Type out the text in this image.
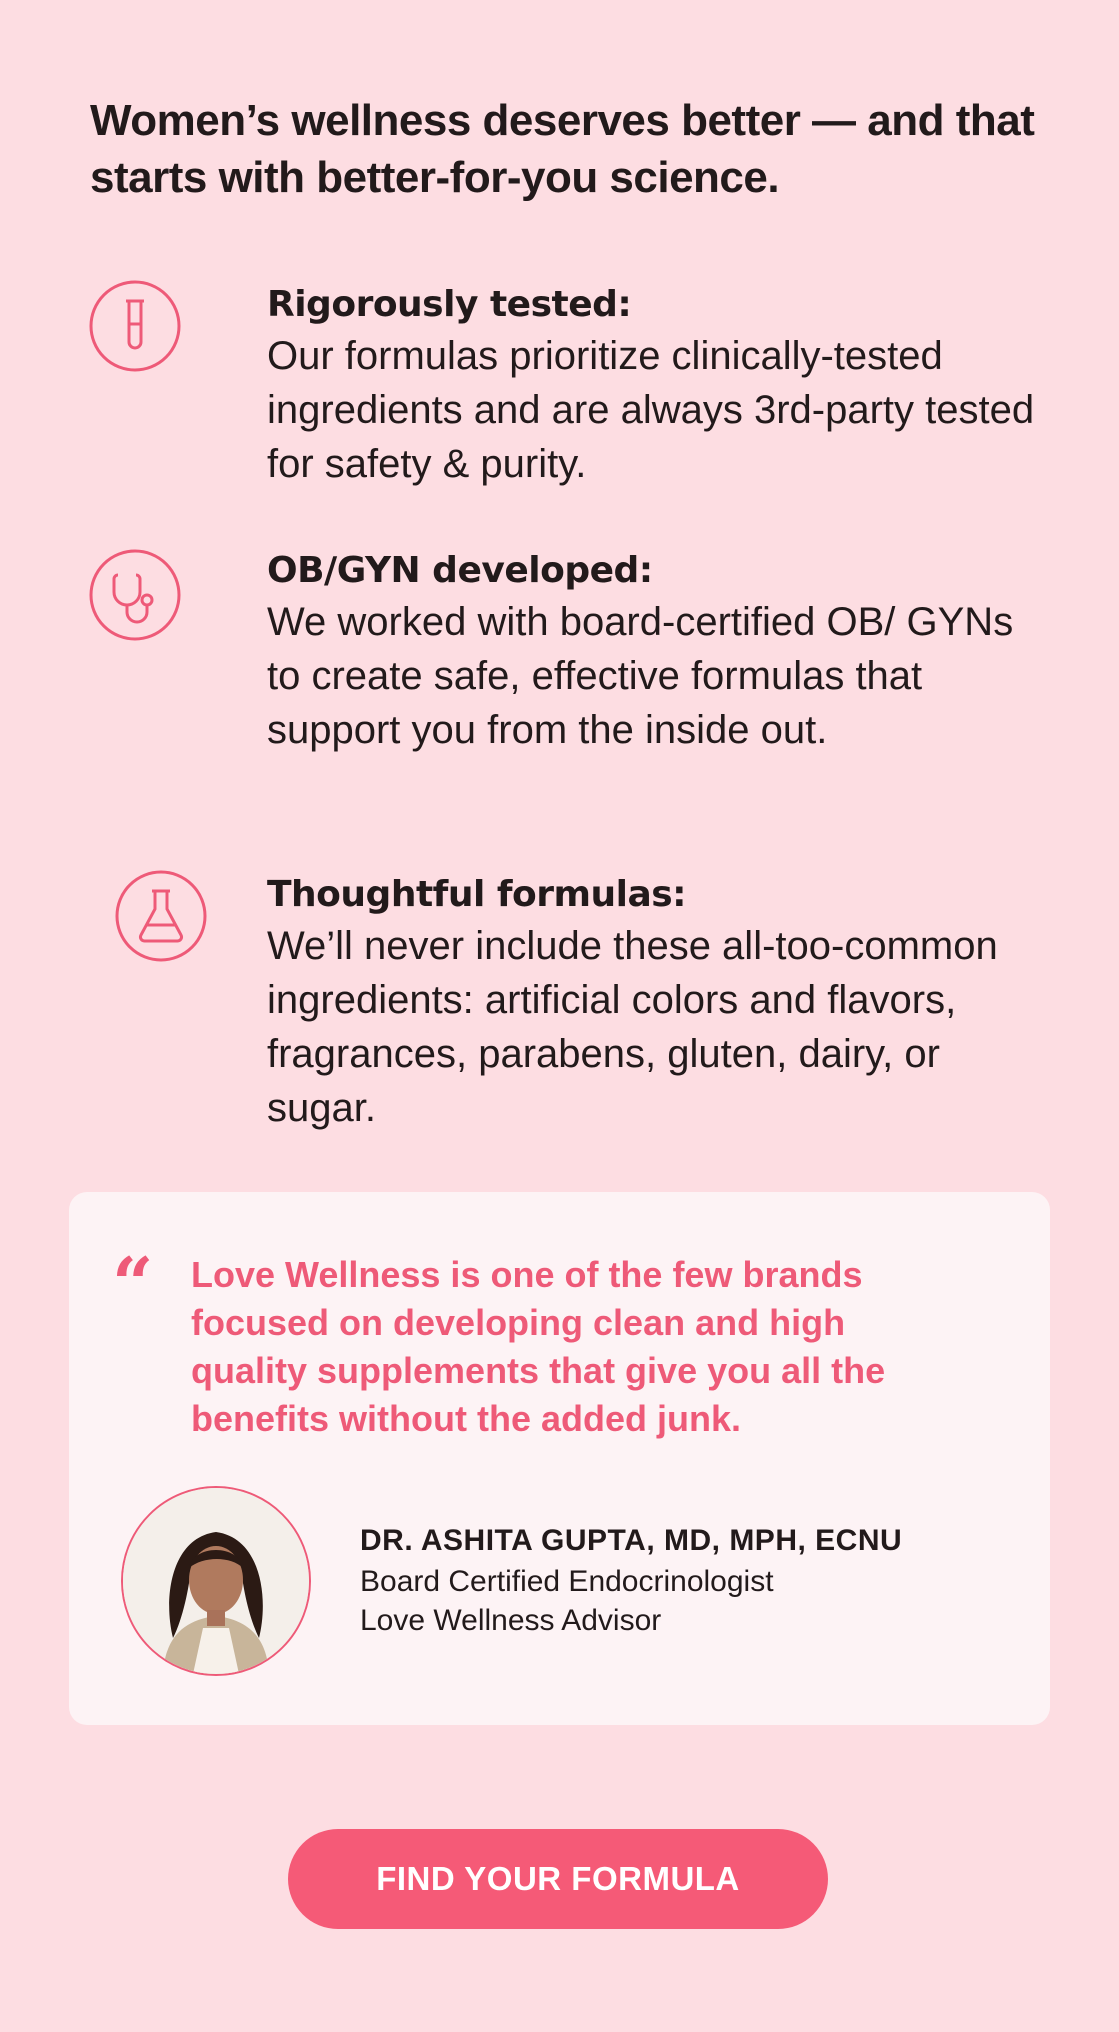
Women’s wellness deserves better — and that starts with better-for-you science.
Rigorously tested:
Our formulas prioritize clinically-tested ingredients and are always 3rd-party tested for safety & purity.
OB/GYN developed:
We worked with board-certified OB/ GYNs to create safe, effective formulas that support you from the inside out.
Thoughtful formulas:
We’ll never include these all-too-common ingredients: artificial colors and flavors, fragrances, parabens, gluten, dairy, or sugar.
“ Love Wellness is one of the few brands focused on developing clean and high quality supplements that give you all the benefits without the added junk.

DR. ASHITA GUPTA, MD, MPH, ECNU
Board Certified Endocrinologist
Love Wellness Advisor
FIND YOUR FORMULA
